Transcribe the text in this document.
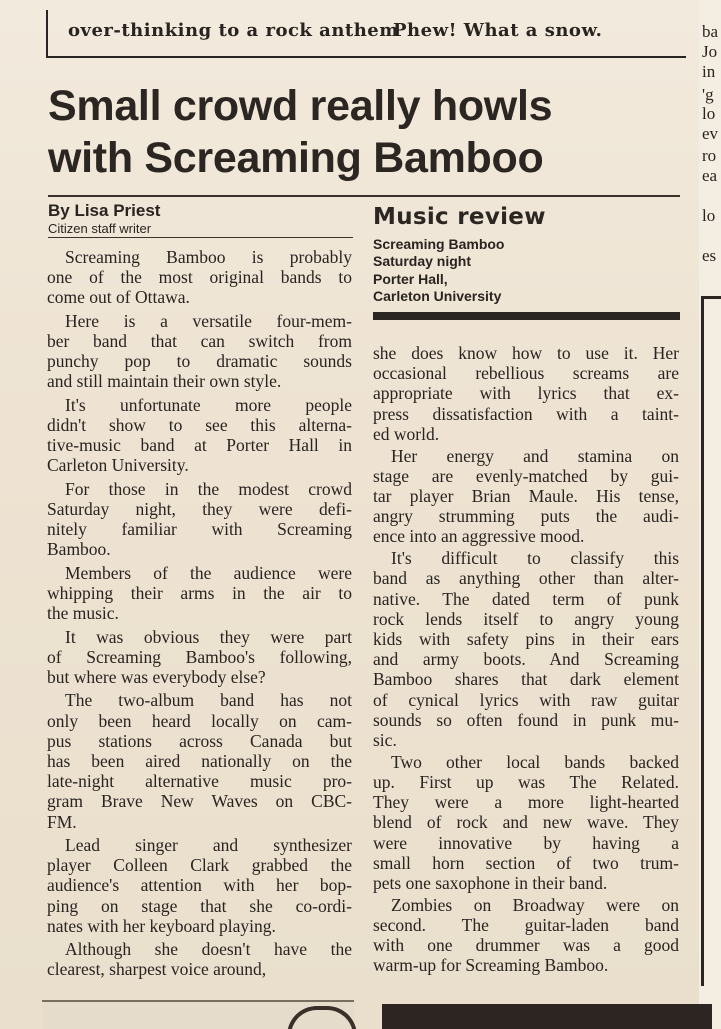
over-thinking to a rock anthem
Phew! What a snow.
Small crowd really howls
with Screaming Bamboo
By Lisa Priest
Citizen staff writer	Music review
Screaming Bamboo
Saturday night
Porter Hall,
Carleton University
Screaming Bamboo is probably
one of the most original bands to
come out of Ottawa.
Here is a versatile four-mem-
ber band that can switch from
punchy pop to dramatic sounds
and still maintain their own style.
It's unfortunate more people
didn't show to see this alterna-
tive-music band at Porter Hall in
Carleton University.
For those in the modest crowd
Saturday night, they were defi-
nitely familiar with Screaming
Bamboo.
Members of the audience were
whipping their arms in the air to
the music.
It was obvious they were part
of Screaming Bamboo's following,
but where was everybody else?
The two-album band has not
only been heard locally on cam-
pus stations across Canada but
has been aired nationally on the
late-night alternative music pro-
gram Brave New Waves on CBC-
FM.
Lead singer and synthesizer
player Colleen Clark grabbed the
audience's attention with her bop-
ping on stage that she co-ordi-
nates with her keyboard playing.
Although she doesn't have the
clearest, sharpest voice around,
she does know how to use it. Her
occasional rebellious screams are
appropriate with lyrics that ex-
press dissatisfaction with a taint-
ed world.
Her energy and stamina on
stage are evenly-matched by gui-
tar player Brian Maule. His tense,
angry strumming puts the audi-
ence into an aggressive mood.
It's difficult to classify this
band as anything other than alter-
native. The dated term of punk
rock lends itself to angry young
kids with safety pins in their ears
and army boots. And Screaming
Bamboo shares that dark element
of cynical lyrics with raw guitar
sounds so often found in punk mu-
sic.
Two other local bands backed
up. First up was The Related.
They were a more light-hearted
blend of rock and new wave. They
were innovative by having a
small horn section of two trum-
pets one saxophone in their band.
Zombies on Broadway were on
second. The guitar-laden band
with one drummer was a good
warm-up for Screaming Bamboo.
ba
Jo
in
'g
lo
ev
ro
ea
lo
es
